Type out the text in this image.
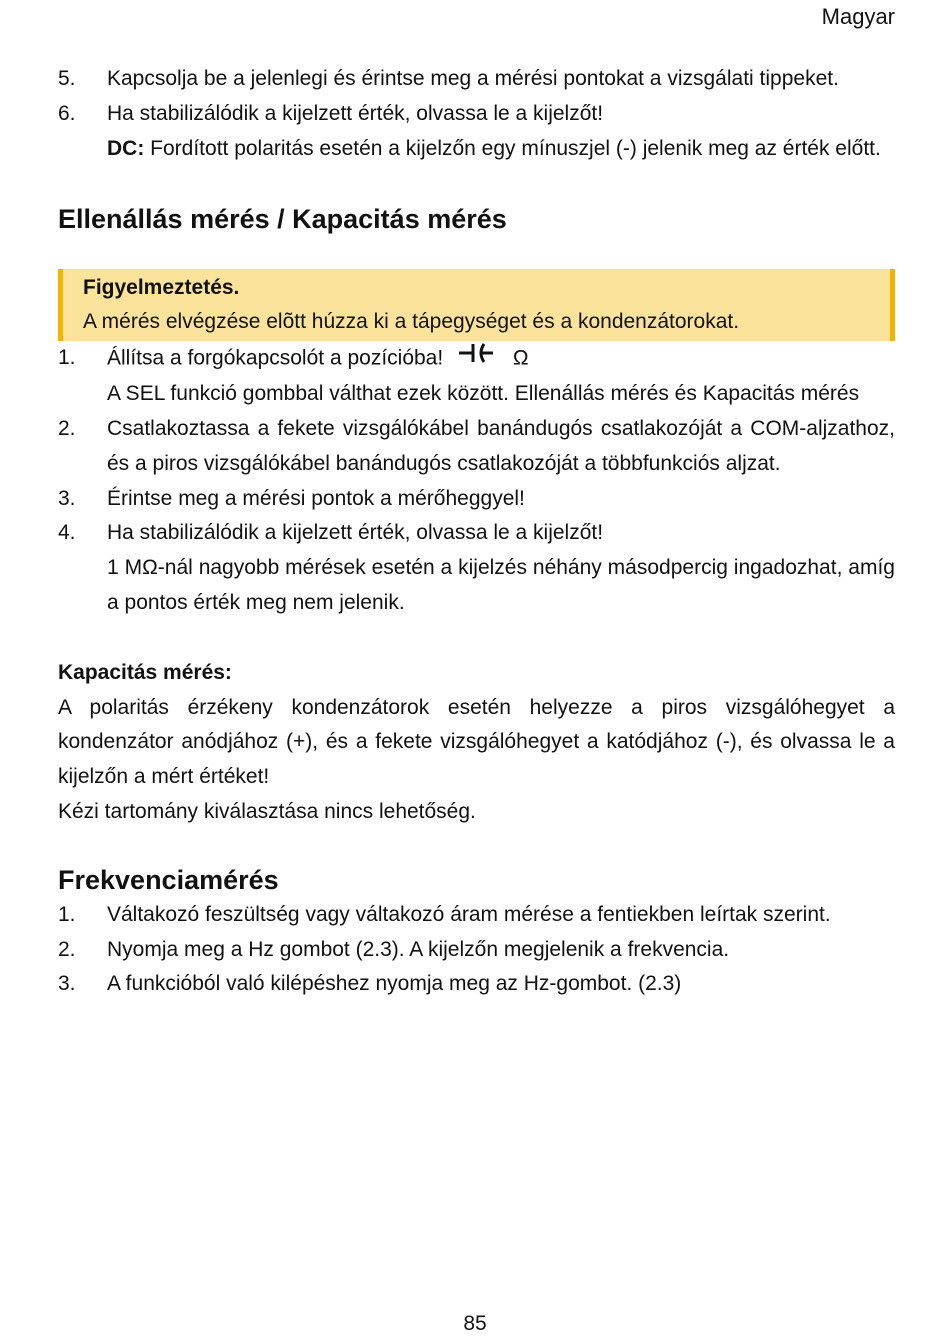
Magyar
5. Kapcsolja be a jelenlegi és érintse meg a mérési pontokat a vizsgálati tippeket.
6. Ha stabilizálódik a kijelzett érték, olvassa le a kijelzőt!
DC: Fordított polaritás esetén a kijelzőn egy mínuszjel (-) jelenik meg az érték előtt.
Ellenállás mérés / Kapacitás mérés
Figyelmeztetés.
A mérés elvégzése elõtt húzza ki a tápegységet és a kondenzátorokat.
1. Állítsa a forgókapcsolót a pozícióba!	Ω
A SEL funkció gombbal válthat ezek között. Ellenállás mérés és Kapacitás mérés
2. Csatlakoztassa a fekete vizsgálókábel banándugós csatlakozóját a COM-aljzathoz, és a piros vizsgálókábel banándugós csatlakozóját a többfunkciós aljzat.
3. Érintse meg a mérési pontok a mérőheggyel!
4. Ha stabilizálódik a kijelzett érték, olvassa le a kijelzőt!
1 MΩ-nál nagyobb mérések esetén a kijelzés néhány másodpercig ingadozhat, amíg a pontos érték meg nem jelenik.
Kapacitás mérés:
A polaritás érzékeny kondenzátorok esetén helyezze a piros vizsgálóhegyet a kondenzátor anódjához (+), és a fekete vizsgálóhegyet a katódjához (-), és olvassa le a kijelzőn a mért értéket!
Kézi tartomány kiválasztása nincs lehetőség.
Frekvenciamérés
1. Váltakozó feszültség vagy váltakozó áram mérése a fentiekben leírtak szerint.
2. Nyomja meg a Hz gombot (2.3). A kijelzőn megjelenik a frekvencia.
3. A funkcióból való kilépéshez nyomja meg az Hz-gombot. (2.3)
85
